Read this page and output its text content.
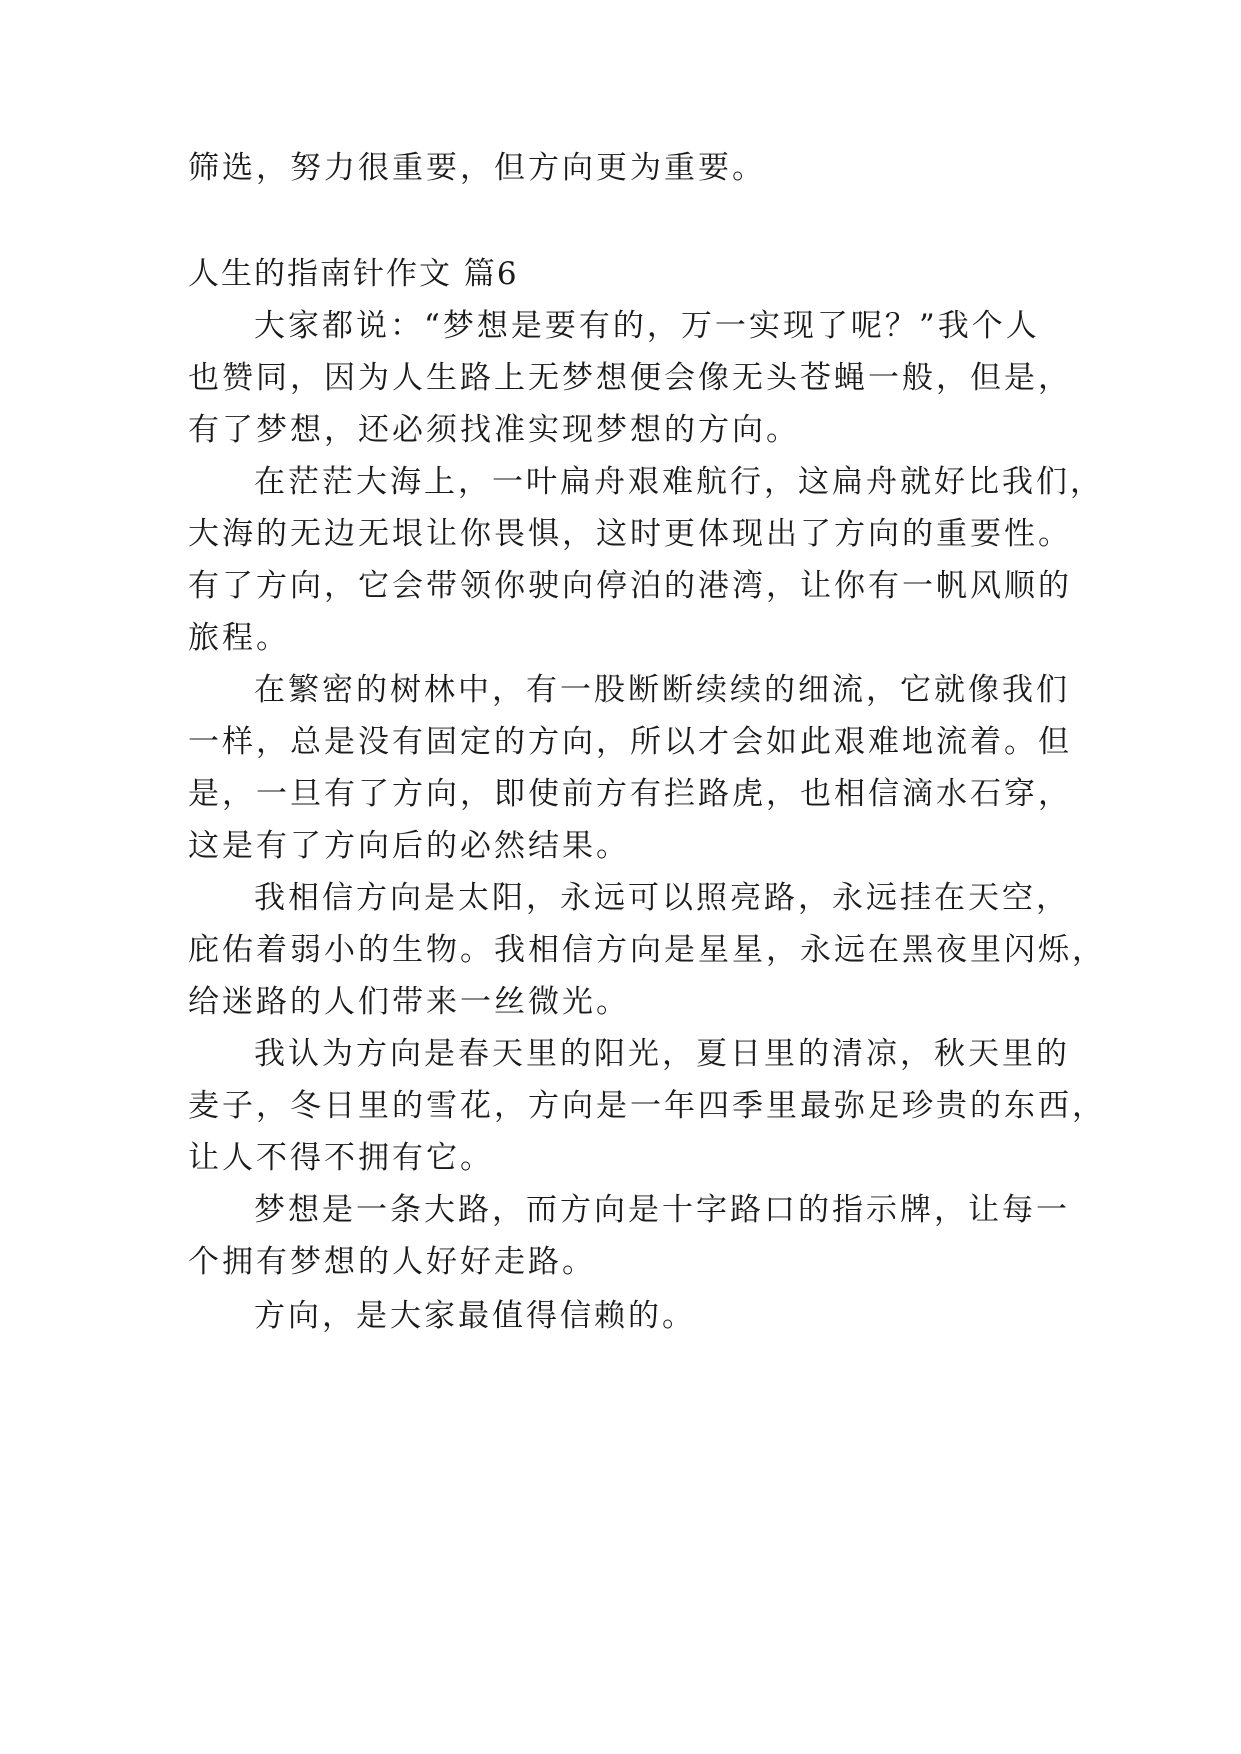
筛选，努力很重要，但方向更为重要。
人生的指南针作文 篇6
大家都说：“梦想是要有的，万一实现了呢？”我个人
也赞同，因为人生路上无梦想便会像无头苍蝇一般，但是，
有了梦想，还必须找准实现梦想的方向。
在茫茫大海上，一叶扁舟艰难航行，这扁舟就好比我们，
大海的无边无垠让你畏惧，这时更体现出了方向的重要性。
有了方向，它会带领你驶向停泊的港湾，让你有一帆风顺的
旅程。
在繁密的树林中，有一股断断续续的细流，它就像我们
一样，总是没有固定的方向，所以才会如此艰难地流着。但
是，一旦有了方向，即使前方有拦路虎，也相信滴水石穿，
这是有了方向后的必然结果。
我相信方向是太阳，永远可以照亮路，永远挂在天空，
庇佑着弱小的生物。我相信方向是星星，永远在黑夜里闪烁，
给迷路的人们带来一丝微光。
我认为方向是春天里的阳光，夏日里的清凉，秋天里的
麦子，冬日里的雪花，方向是一年四季里最弥足珍贵的东西，
让人不得不拥有它。
梦想是一条大路，而方向是十字路口的指示牌，让每一
个拥有梦想的人好好走路。
方向，是大家最值得信赖的。
